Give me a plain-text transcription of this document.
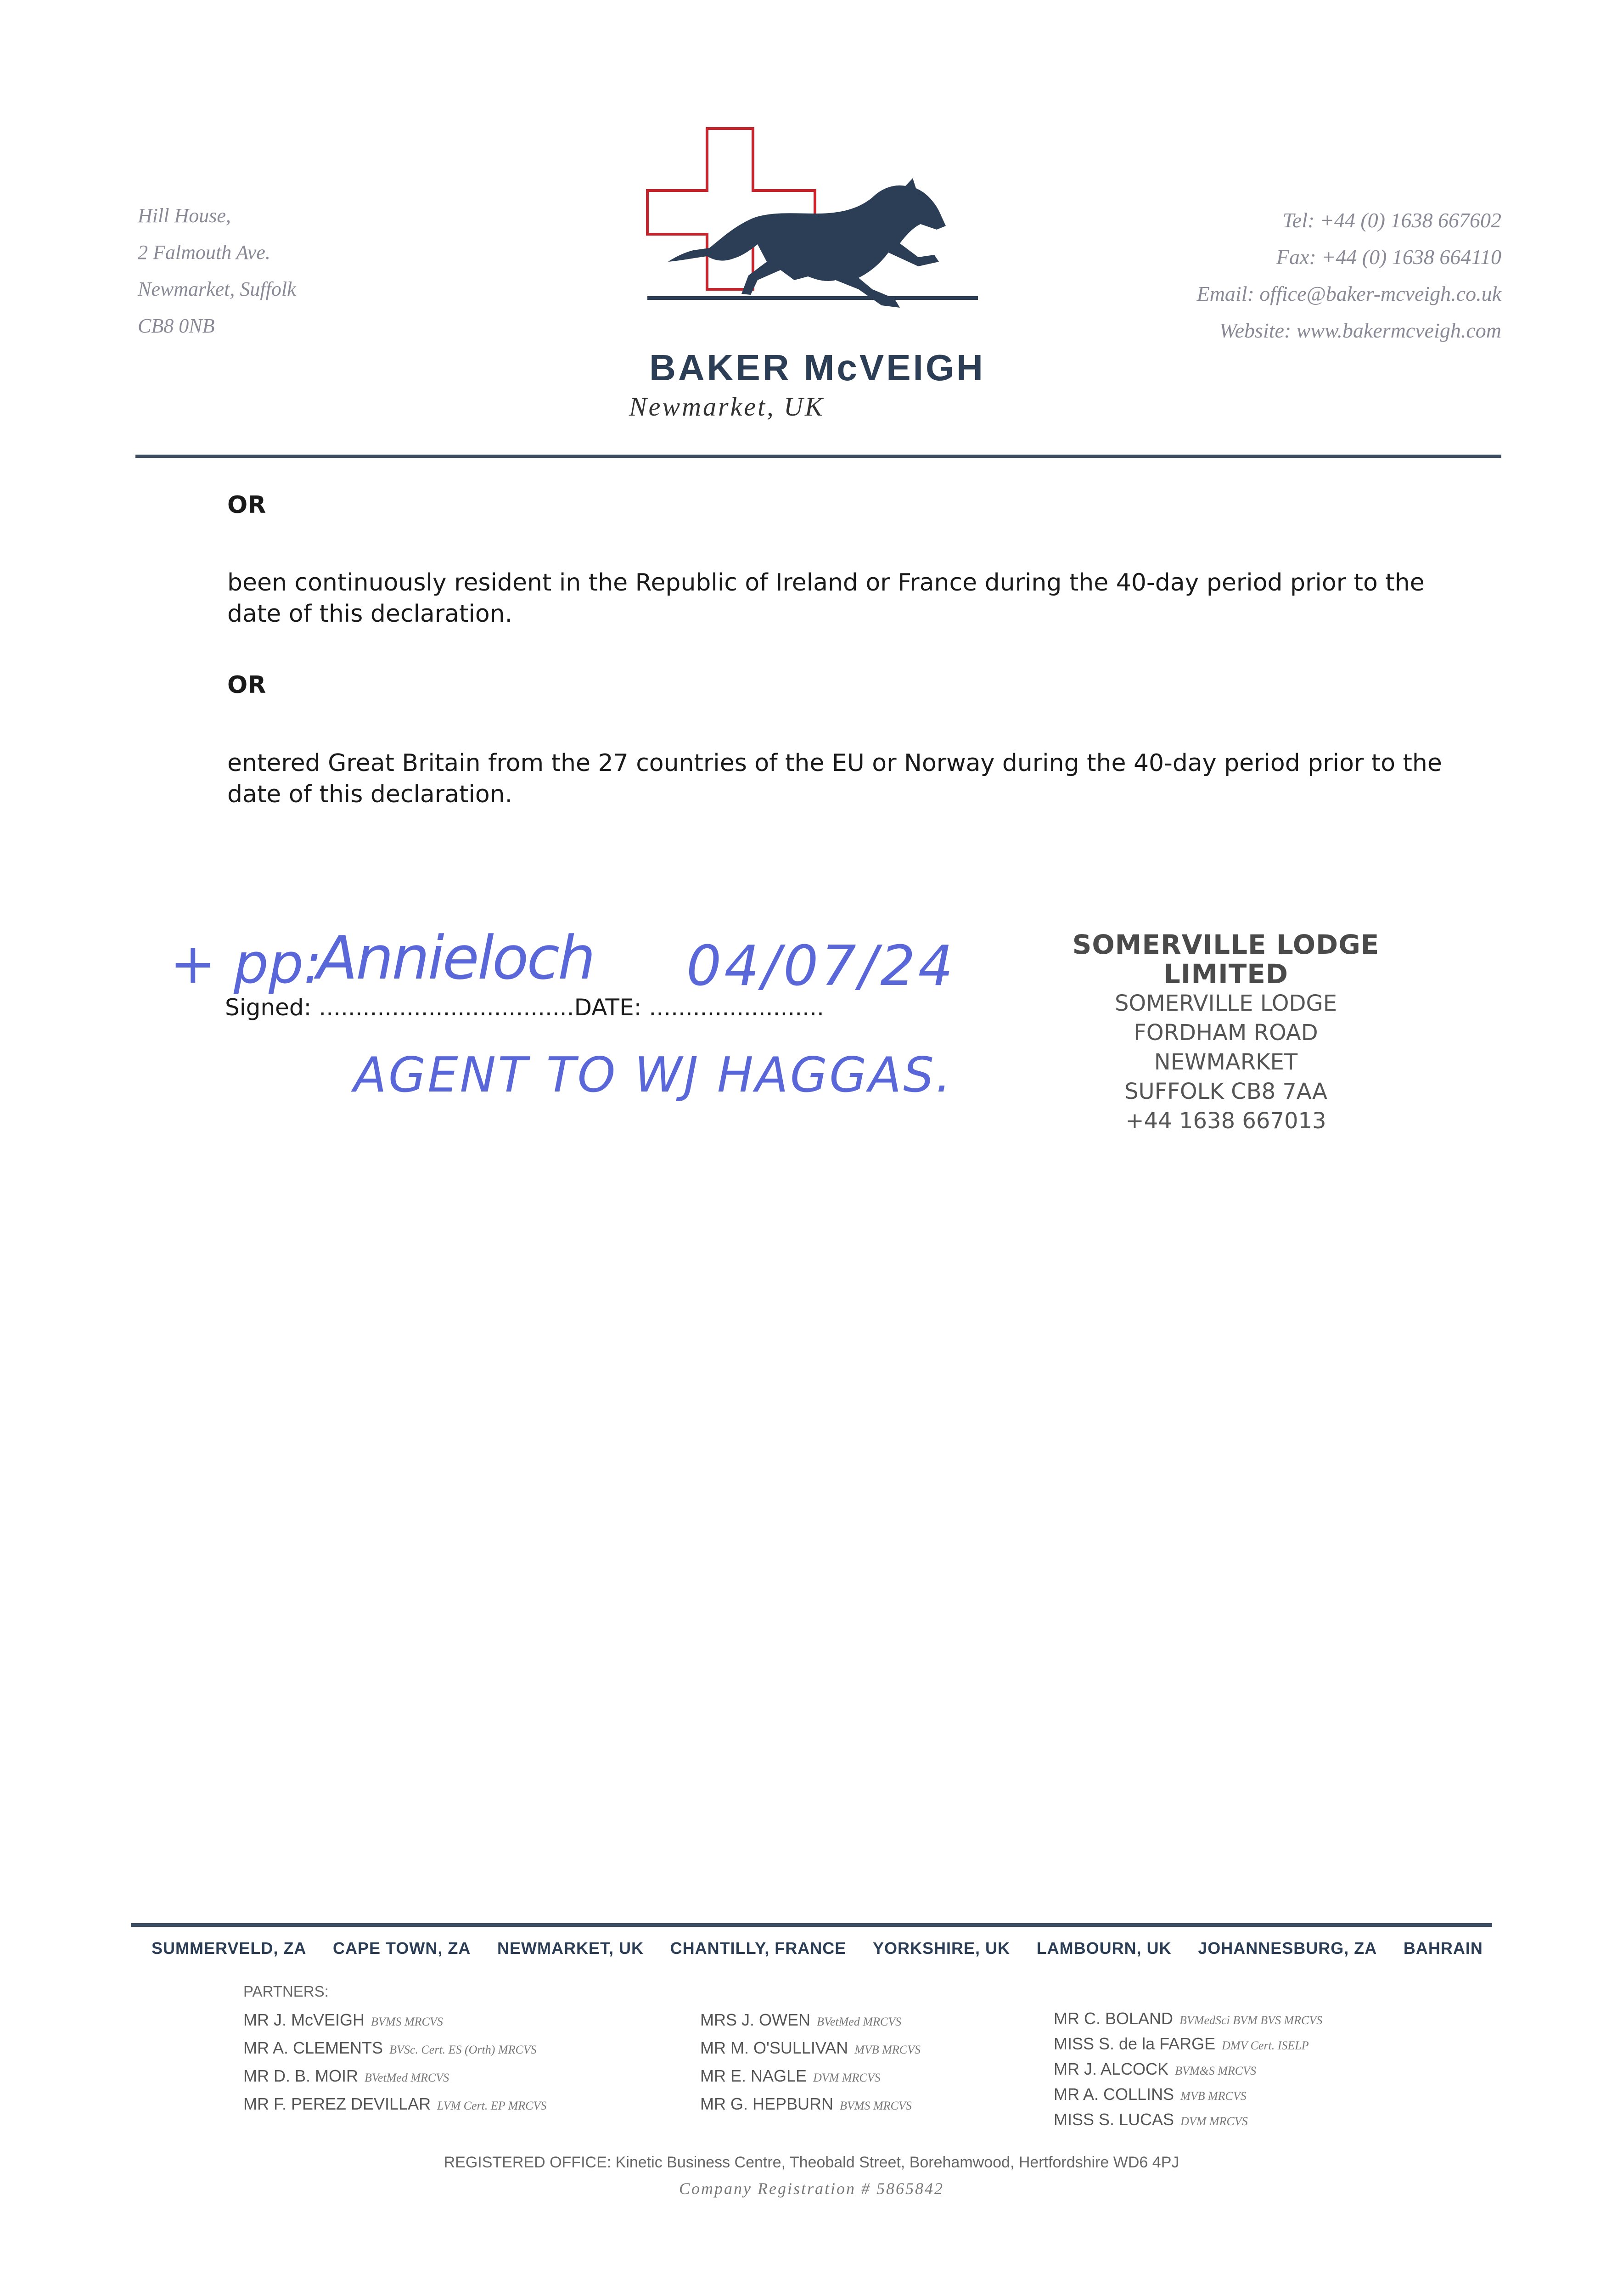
Hill House,
2 Falmouth Ave.
Newmarket, Suffolk
CB8 0NB
BAKER McVEIGH
Newmarket, UK
Tel: +44 (0) 1638 667602
Fax: +44 (0) 1638 664110
Email: office@baker-mcveigh.co.uk
Website: www.bakermcveigh.com
OR
been continuously resident in the Republic of Ireland or France during the 40-day period prior to the date of this declaration.
OR
entered Great Britain from the 27 countries of the EU or Norway during the 40-day period prior to the date of this declaration.
Signed: ...................................DATE: ........................
+ pp:
Annieloch 04/07/24
AGENT TO WJ HAGGAS.
SOMERVILLE LODGE LIMITED
SOMERVILLE LODGE
FORDHAM ROAD
NEWMARKET
SUFFOLK CB8 7AA
+44 1638 667013
SUMMERVELD, ZA CAPE TOWN, ZA NEWMARKET, UK CHANTILLY, FRANCE YORKSHIRE, UK LAMBOURN, UK JOHANNESBURG, ZA BAHRAIN
PARTNERS:
MR J. McVEIGH BVMS MRCVS
MR A. CLEMENTS BVSc. Cert. ES (Orth) MRCVS
MR D. B. MOIR BVetMed MRCVS
MR F. PEREZ DEVILLAR LVM Cert. EP MRCVS
MRS J. OWEN BVetMed MRCVS
MR M. O'SULLIVAN MVB MRCVS
MR E. NAGLE DVM MRCVS
MR G. HEPBURN BVMS MRCVS
MR C. BOLAND BVMedSci BVM BVS MRCVS
MISS S. de la FARGE DMV Cert. ISELP
MR J. ALCOCK BVM&S MRCVS
MR A. COLLINS MVB MRCVS
MISS S. LUCAS DVM MRCVS
REGISTERED OFFICE: Kinetic Business Centre, Theobald Street, Borehamwood, Hertfordshire WD6 4PJ
Company Registration # 5865842
